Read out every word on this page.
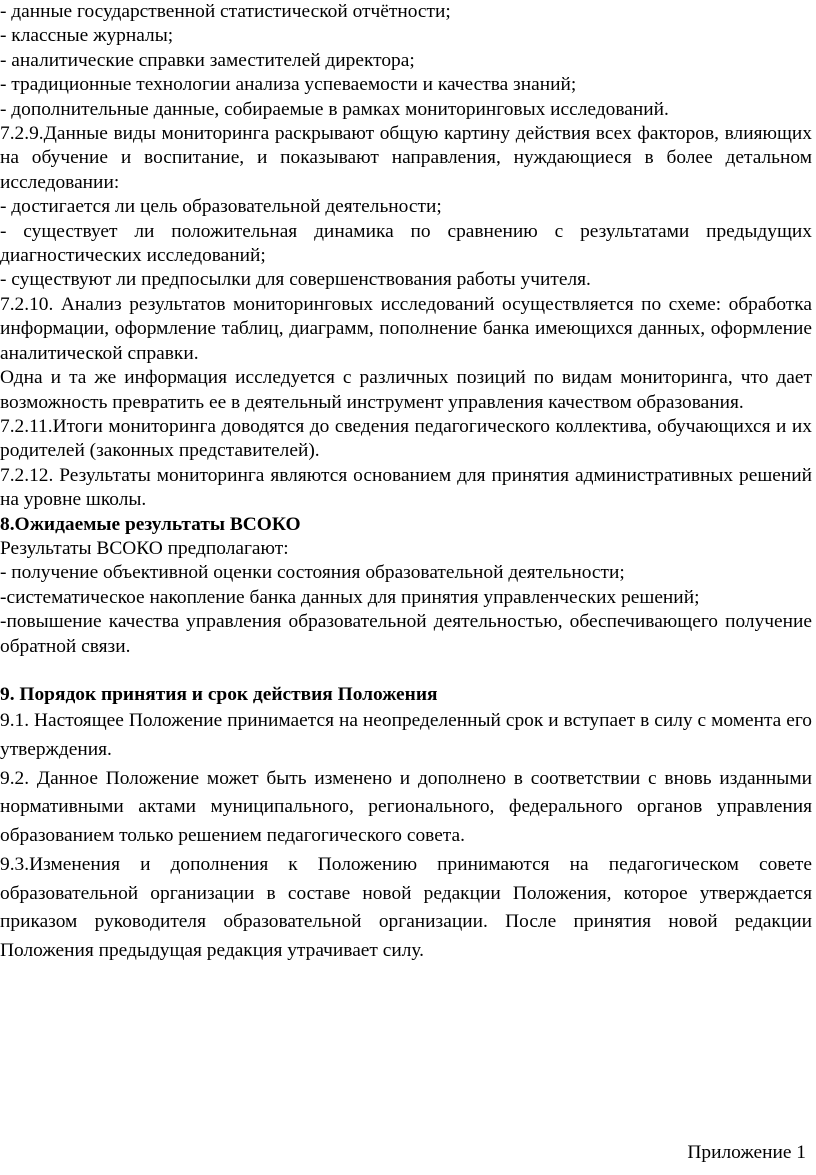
- данные государственной статистической отчётности;

- классные журналы;

- аналитические справки заместителей директора;

- традиционные технологии анализа успеваемости и качества знаний;

- дополнительные данные, собираемые в рамках мониторинговых исследований.

7.2.9.Данные виды мониторинга раскрывают общую картину действия всех факторов, влияющих на обучение и воспитание, и показывают направления, нуждающиеся в более детальном исследовании:

- достигается ли цель образовательной деятельности;

- существует ли положительная динамика по сравнению с результатами предыдущих диагностических исследований;

- существуют ли предпосылки для совершенствования работы учителя.

7.2.10. Анализ результатов мониторинговых исследований осуществляется по схеме: обработка информации, оформление таблиц, диаграмм, пополнение банка имеющихся данных, оформление аналитической справки.

Одна и та же информация исследуется с различных позиций по видам мониторинга, что дает возможность превратить ее в деятельный инструмент управления качеством образования.

7.2.11.Итоги мониторинга доводятся до сведения педагогического коллектива, обучающихся и их родителей (законных представителей).

7.2.12. Результаты мониторинга являются основанием для принятия административных решений на уровне школы.

8.Ожидаемые результаты ВСОКО

Результаты ВСОКО предполагают:

- получение объективной оценки состояния образовательной деятельности;

-систематическое накопление банка данных для принятия управленческих решений;

-повышение качества управления образовательной деятельностью, обеспечивающего получение обратной связи.

9. Порядок принятия и срок действия Положения

9.1. Настоящее Положение принимается на неопределенный срок и вступает в силу с момента его утверждения.

9.2. Данное Положение может быть изменено и дополнено в соответствии с вновь изданными нормативными актами муниципального, регионального, федерального органов управления образованием только решением педагогического совета.

9.3.Изменения и дополнения к Положению принимаются на педагогическом совете образовательной организации в составе новой редакции Положения, которое утверждается приказом руководителя образовательной организации. После принятия новой редакции Положения предыдущая редакция утрачивает силу.

Приложение 1
